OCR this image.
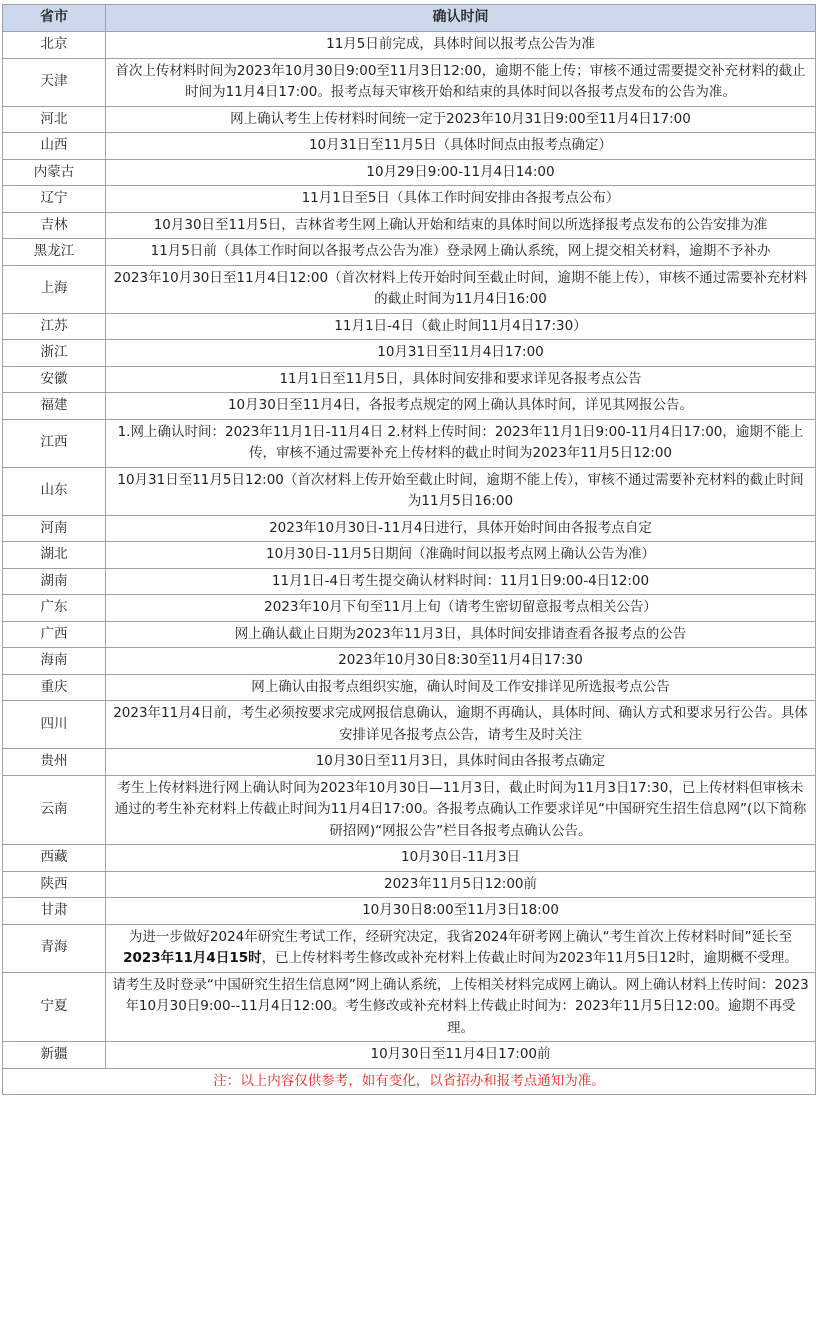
省市	确认时间
北京	11月5日前完成，具体时间以报考点公告为准
天津	首次上传材料时间为2023年10月30日9:00至11月3日12:00，逾期不能上传；审核不通过需要提交补充材料的截止时间为11月4日17:00。报考点每天审核开始和结束的具体时间以各报考点发布的公告为准。
河北	网上确认考生上传材料时间统一定于2023年10月31日9:00至11月4日17:00
山西	10月31日至11月5日（具体时间点由报考点确定）
内蒙古	10月29日9:00-11月4日14:00
辽宁	11月1日至5日（具体工作时间安排由各报考点公布）
吉林	10月30日至11月5日，吉林省考生网上确认开始和结束的具体时间以所选择报考点发布的公告安排为准
黑龙江	11月5日前（具体工作时间以各报考点公告为准）登录网上确认系统，网上提交相关材料，逾期不予补办
上海	2023年10月30日至11月4日12:00（首次材料上传开始时间至截止时间，逾期不能上传），审核不通过需要补充材料的截止时间为11月4日16:00
江苏	11月1日-4日（截止时间11月4日17:30）
浙江	10月31日至11月4日17:00
安徽	11月1日至11月5日，具体时间安排和要求详见各报考点公告
福建	10月30日至11月4日，各报考点规定的网上确认具体时间，详见其网报公告。
江西	1.网上确认时间：2023年11月1日-11月4日 2.材料上传时间：2023年11月1日9:00-11月4日17:00，逾期不能上传，审核不通过需要补充上传材料的截止时间为2023年11月5日12:00
山东	10月31日至11月5日12:00（首次材料上传开始至截止时间，逾期不能上传），审核不通过需要补充材料的截止时间为11月5日16:00
河南	2023年10月30日-11月4日进行，具体开始时间由各报考点自定
湖北	10月30日-11月5日期间（准确时间以报考点网上确认公告为准）
湖南	11月1日-4日考生提交确认材料时间：11月1日9:00-4日12:00
广东	2023年10月下旬至11月上旬（请考生密切留意报考点相关公告）
广西	网上确认截止日期为2023年11月3日，具体时间安排请查看各报考点的公告
海南	2023年10月30日8:30至11月4日17:30
重庆	网上确认由报考点组织实施，确认时间及工作安排详见所选报考点公告
四川	2023年11月4日前，考生必须按要求完成网报信息确认，逾期不再确认，具体时间、确认方式和要求另行公告。具体安排详见各报考点公告，请考生及时关注
贵州	10月30日至11月3日，具体时间由各报考点确定
云南	考生上传材料进行网上确认时间为2023年10月30日—11月3日，截止时间为11月3日17:30，已上传材料但审核未通过的考生补充材料上传截止时间为11月4日17:00。各报考点确认工作要求详见“中国研究生招生信息网”(以下简称研招网)“网报公告”栏目各报考点确认公告。
西藏	10月30日-11月3日
陕西	2023年11月5日12:00前
甘肃	10月30日8:00至11月3日18:00
青海	为进一步做好2024年研究生考试工作，经研究决定，我省2024年研考网上确认“考生首次上传材料时间”延长至2023年11月4日15时，已上传材料考生修改或补充材料上传截止时间为2023年11月5日12时，逾期概不受理。
宁夏	请考生及时登录“中国研究生招生信息网”网上确认系统，上传相关材料完成网上确认。网上确认材料上传时间：2023年10月30日9:00--11月4日12:00。考生修改或补充材料上传截止时间为：2023年11月5日12:00。逾期不再受理。
新疆	10月30日至11月4日17:00前
注：以上内容仅供参考，如有变化，以省招办和报考点通知为准。	
